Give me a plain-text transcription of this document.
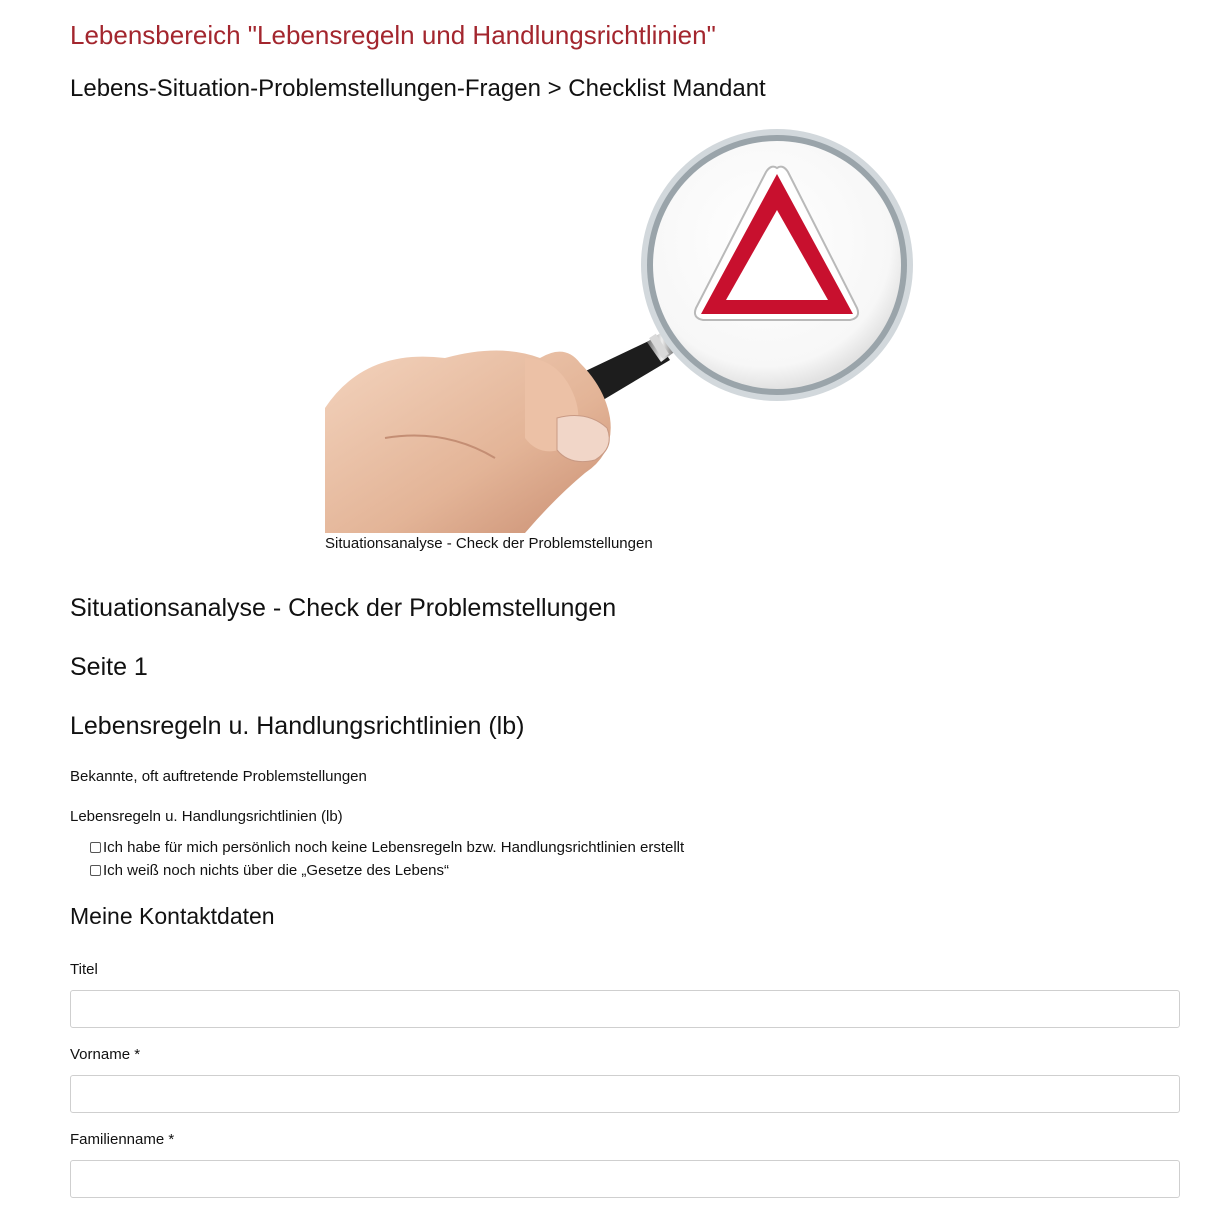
Lebensbereich "Lebensregeln und Handlungsrichtlinien"
Lebens-Situation-Problemstellungen-Fragen > Checklist Mandant
Situationsanalyse - Check der Problemstellungen
Situationsanalyse - Check der Problemstellungen
Seite 1
Lebensregeln u. Handlungsrichtlinien (lb)
Bekannte, oft auftretende Problemstellungen
Lebensregeln u. Handlungsrichtlinien (lb)
Ich habe für mich persönlich noch keine Lebensregeln bzw. Handlungsrichtlinien erstellt
Ich weiß noch nichts über die „Gesetze des Lebens“
Meine Kontaktdaten
Titel
Vorname *
Familienname *
